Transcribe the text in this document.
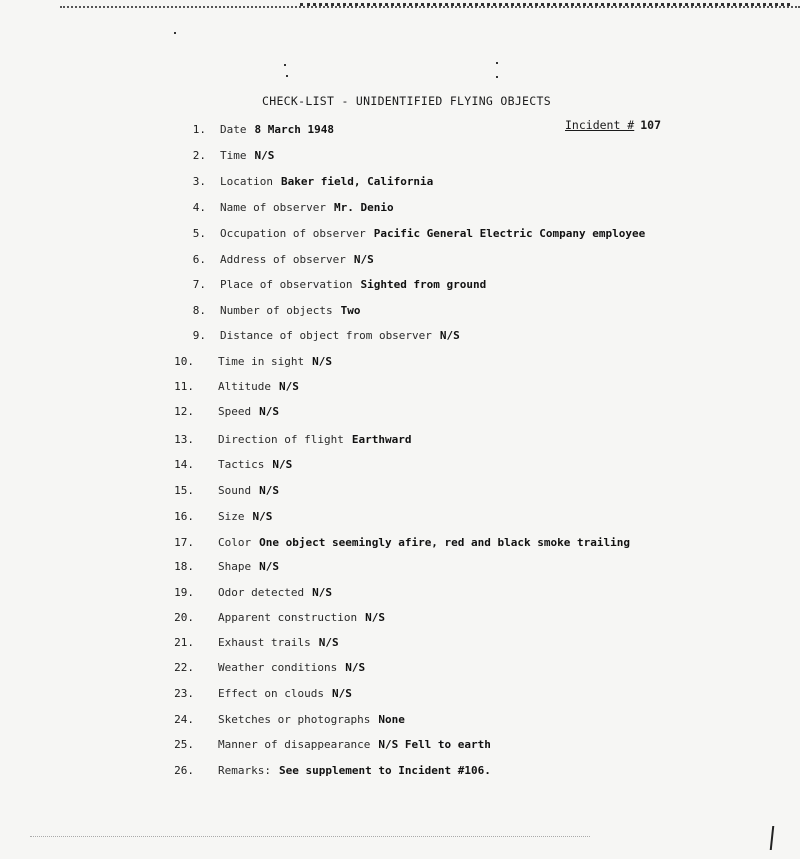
CHECK-LIST - UNIDENTIFIED FLYING OBJECTS
Incident # 107
1. Date 8 March 1948
2. Time N/S
3. Location Baker field, California
4. Name of observer Mr. Denio
5. Occupation of observer Pacific General Electric Company employee
6. Address of observer N/S
7. Place of observation Sighted from ground
8. Number of objects Two
9. Distance of object from observer N/S
10. Time in sight N/S
11. Altitude N/S
12. Speed N/S
13. Direction of flight Earthward
14. Tactics N/S
15. Sound N/S
16. Size N/S
17. Color One object seemingly afire, red and black smoke trailing
18. Shape N/S
19. Odor detected N/S
20. Apparent construction N/S
21. Exhaust trails N/S
22. Weather conditions N/S
23. Effect on clouds N/S
24. Sketches or photographs None
25. Manner of disappearance N/S Fell to earth
26. Remarks: See supplement to Incident #106.
